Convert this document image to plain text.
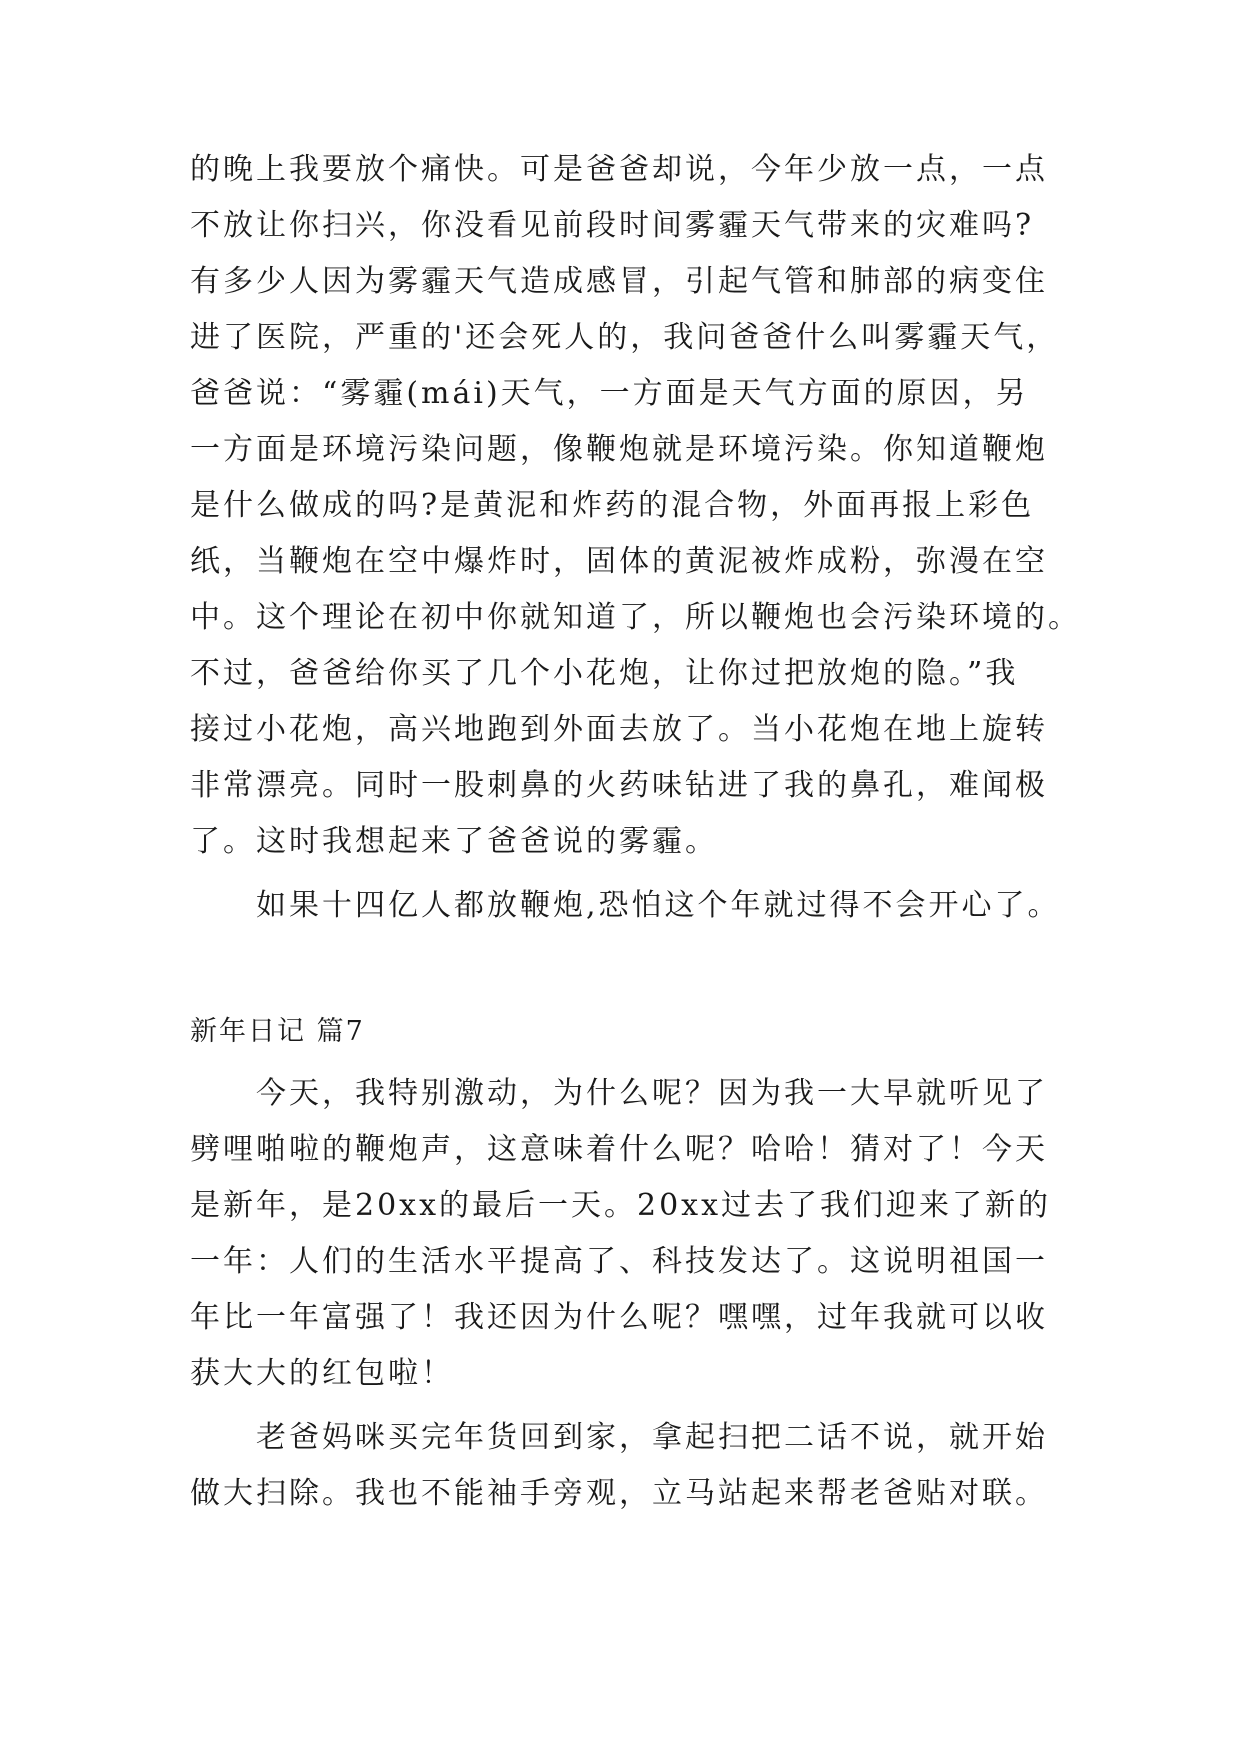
的晚上我要放个痛快。可是爸爸却说，今年少放一点，一点
不放让你扫兴，你没看见前段时间雾霾天气带来的灾难吗?
有多少人因为雾霾天气造成感冒，引起气管和肺部的病变住
进了医院，严重的'还会死人的，我问爸爸什么叫雾霾天气，
爸爸说：“雾霾(mái)天气，一方面是天气方面的原因，另
一方面是环境污染问题，像鞭炮就是环境污染。你知道鞭炮
是什么做成的吗?是黄泥和炸药的混合物，外面再报上彩色
纸，当鞭炮在空中爆炸时，固体的黄泥被炸成粉，弥漫在空
中。这个理论在初中你就知道了，所以鞭炮也会污染环境的。
不过，爸爸给你买了几个小花炮，让你过把放炮的隐。”我
接过小花炮，高兴地跑到外面去放了。当小花炮在地上旋转
非常漂亮。同时一股刺鼻的火药味钻进了我的鼻孔，难闻极
了。这时我想起来了爸爸说的雾霾。
　　如果十四亿人都放鞭炮,恐怕这个年就过得不会开心了。
新年日记 篇7
　　今天，我特别激动，为什么呢？因为我一大早就听见了
劈哩啪啦的鞭炮声，这意味着什么呢？哈哈！猜对了！今天
是新年，是20xx的最后一天。20xx过去了我们迎来了新的
一年：人们的生活水平提高了、科技发达了。这说明祖国一
年比一年富强了！我还因为什么呢？嘿嘿，过年我就可以收
获大大的红包啦！
　　老爸妈咪买完年货回到家，拿起扫把二话不说，就开始
做大扫除。我也不能袖手旁观，立马站起来帮老爸贴对联。
